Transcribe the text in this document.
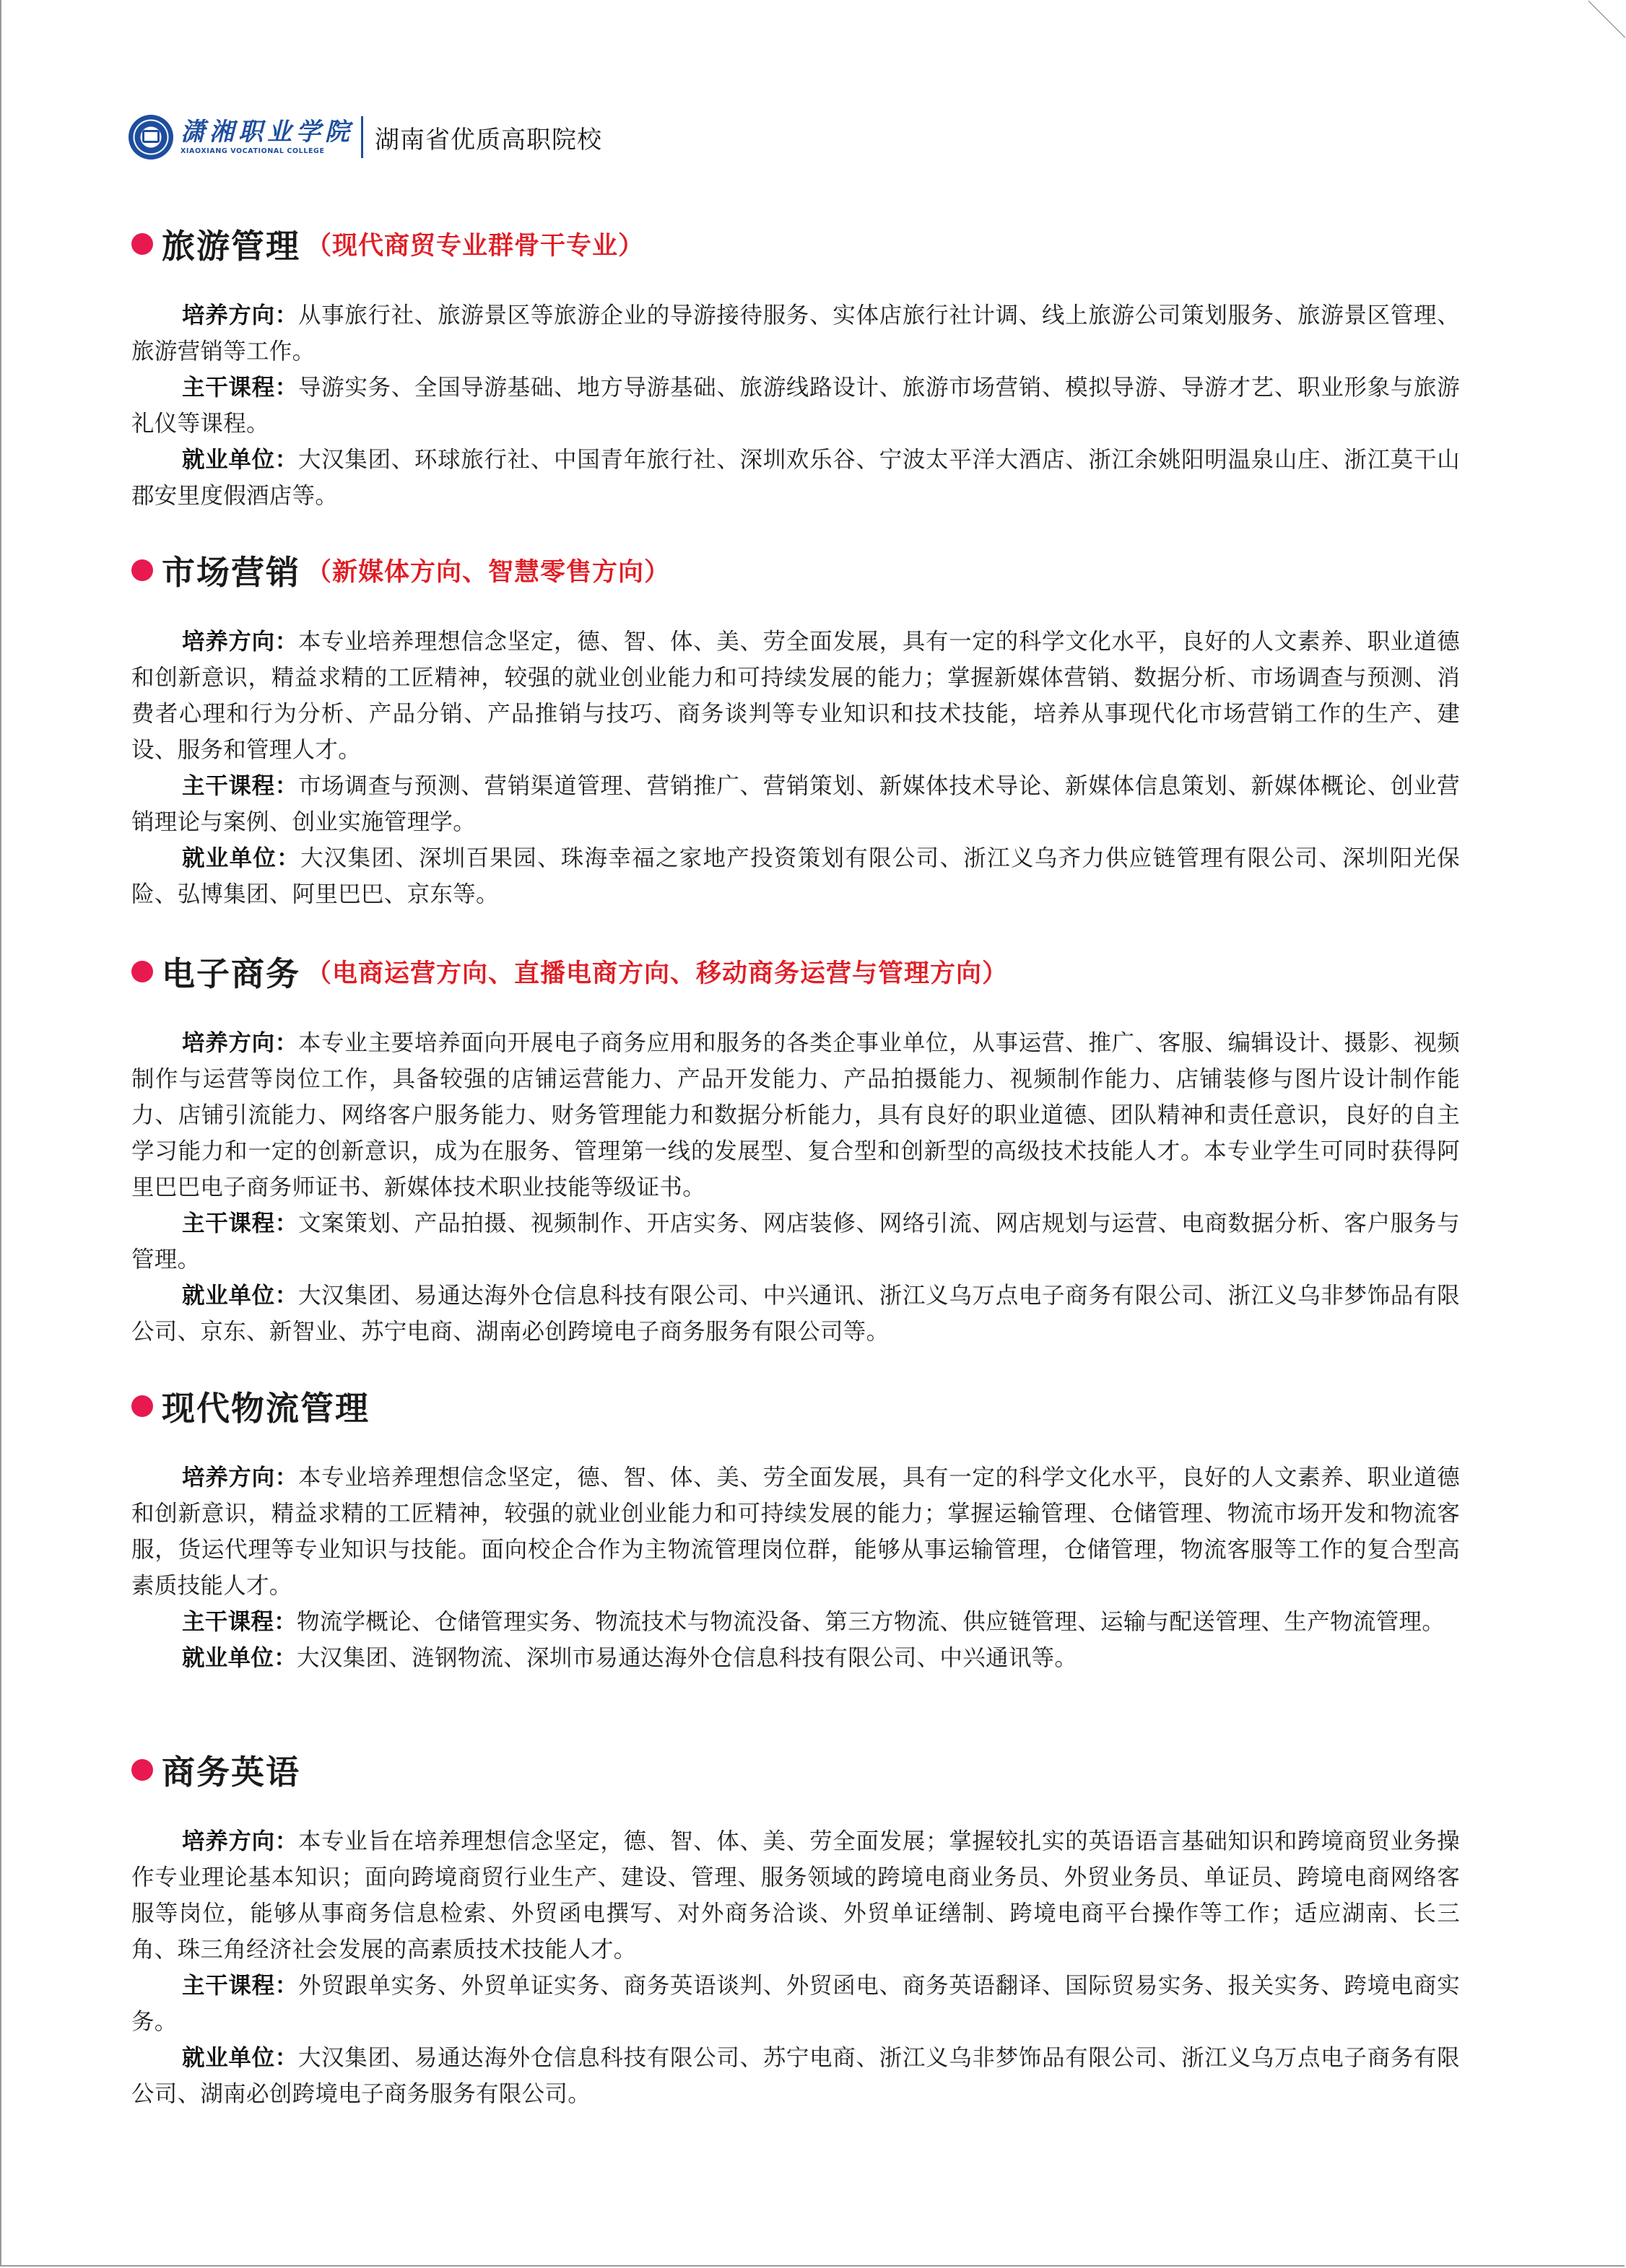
潇湘职业学院
XIAOXIANG VOCATIONAL COLLEGE	湖南省优质高职院校
旅游管理 （现代商贸专业群骨干专业）
培养方向：从事旅行社、旅游景区等旅游企业的导游接待服务、实体店旅行社计调、线上旅游公司策划服务、旅游景区管理、旅游营销等工作。
主干课程：导游实务、全国导游基础、地方导游基础、旅游线路设计、旅游市场营销、模拟导游、导游才艺、职业形象与旅游礼仪等课程。
就业单位：大汉集团、环球旅行社、中国青年旅行社、深圳欢乐谷、宁波太平洋大酒店、浙江余姚阳明温泉山庄、浙江莫干山郡安里度假酒店等。
市场营销 （新媒体方向、智慧零售方向）
培养方向：本专业培养理想信念坚定，德、智、体、美、劳全面发展，具有一定的科学文化水平，良好的人文素养、职业道德和创新意识，精益求精的工匠精神，较强的就业创业能力和可持续发展的能力；掌握新媒体营销、数据分析、市场调查与预测、消费者心理和行为分析、产品分销、产品推销与技巧、商务谈判等专业知识和技术技能，培养从事现代化市场营销工作的生产、建设、服务和管理人才。
主干课程：市场调查与预测、营销渠道管理、营销推广、营销策划、新媒体技术导论、新媒体信息策划、新媒体概论、创业营销理论与案例、创业实施管理学。
就业单位：大汉集团、深圳百果园、珠海幸福之家地产投资策划有限公司、浙江义乌齐力供应链管理有限公司、深圳阳光保险、弘博集团、阿里巴巴、京东等。
电子商务 （电商运营方向、直播电商方向、移动商务运营与管理方向）
培养方向：本专业主要培养面向开展电子商务应用和服务的各类企事业单位，从事运营、推广、客服、编辑设计、摄影、视频制作与运营等岗位工作，具备较强的店铺运营能力、产品开发能力、产品拍摄能力、视频制作能力、店铺装修与图片设计制作能力、店铺引流能力、网络客户服务能力、财务管理能力和数据分析能力，具有良好的职业道德、团队精神和责任意识，良好的自主学习能力和一定的创新意识，成为在服务、管理第一线的发展型、复合型和创新型的高级技术技能人才。本专业学生可同时获得阿里巴巴电子商务师证书、新媒体技术职业技能等级证书。
主干课程：文案策划、产品拍摄、视频制作、开店实务、网店装修、网络引流、网店规划与运营、电商数据分析、客户服务与管理。
就业单位：大汉集团、易通达海外仓信息科技有限公司、中兴通讯、浙江义乌万点电子商务有限公司、浙江义乌非梦饰品有限公司、京东、新智业、苏宁电商、湖南必创跨境电子商务服务有限公司等。
现代物流管理
培养方向：本专业培养理想信念坚定，德、智、体、美、劳全面发展，具有一定的科学文化水平，良好的人文素养、职业道德和创新意识，精益求精的工匠精神，较强的就业创业能力和可持续发展的能力；掌握运输管理、仓储管理、物流市场开发和物流客服，货运代理等专业知识与技能。面向校企合作为主物流管理岗位群，能够从事运输管理，仓储管理，物流客服等工作的复合型高素质技能人才。
主干课程：物流学概论、仓储管理实务、物流技术与物流没备、第三方物流、供应链管理、运输与配送管理、生产物流管理。
就业单位：大汉集团、涟钢物流、深圳市易通达海外仓信息科技有限公司、中兴通讯等。
商务英语
培养方向：本专业旨在培养理想信念坚定，德、智、体、美、劳全面发展；掌握较扎实的英语语言基础知识和跨境商贸业务操作专业理论基本知识；面向跨境商贸行业生产、建设、管理、服务领域的跨境电商业务员、外贸业务员、单证员、跨境电商网络客服等岗位，能够从事商务信息检索、外贸函电撰写、对外商务洽谈、外贸单证缮制、跨境电商平台操作等工作；适应湖南、长三角、珠三角经济社会发展的高素质技术技能人才。
主干课程：外贸跟单实务、外贸单证实务、商务英语谈判、外贸函电、商务英语翻译、国际贸易实务、报关实务、跨境电商实务。
就业单位：大汉集团、易通达海外仓信息科技有限公司、苏宁电商、浙江义乌非梦饰品有限公司、浙江义乌万点电子商务有限公司、湖南必创跨境电子商务服务有限公司。
